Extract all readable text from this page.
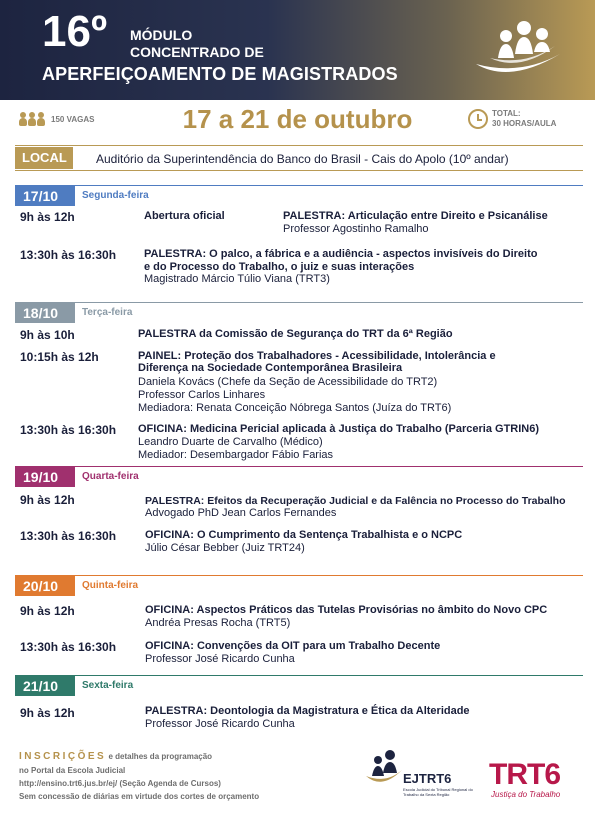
16º MÓDULO
CONCENTRADO DE
APERFEIÇOAMENTO DE MAGISTRADOS
150 VAGAS	17 a 21 de outubro	TOTAL:
30 HORAS/AULA
LOCAL	Auditório da Superintendência do Banco do Brasil - Cais do Apolo (10º andar)
17/10	Segunda-feira
9h às 12h	Abertura oficial	PALESTRA: Articulação entre Direito e Psicanálise
Professor Agostinho Ramalho
13:30h às 16:30h	PALESTRA: O palco, a fábrica e a audiência - aspectos invisíveis do Direito
e do Processo do Trabalho, o juiz e suas interações
Magistrado Márcio Túlio Viana (TRT3)
18/10	Terça-feira
9h às 10h	PALESTRA da Comissão de Segurança do TRT da 6ª Região
10:15h às 12h	PAINEL: Proteção dos Trabalhadores - Acessibilidade, Intolerância e
Diferença na Sociedade Contemporânea Brasileira
Daniela Kovács (Chefe da Seção de Acessibilidade do TRT2)
Professor Carlos Linhares
Mediadora: Renata Conceição Nóbrega Santos (Juíza do TRT6)
13:30h às 16:30h OFICINA: Medicina Pericial aplicada à Justiça do Trabalho (Parceria GTRIN6)
Leandro Duarte de Carvalho (Médico)
Mediador: Desembargador Fábio Farias
19/10	Quarta-feira
9h às 12h	PALESTRA: Efeitos da Recuperação Judicial e da Falência no Processo do Trabalho
Advogado PhD Jean Carlos Fernandes
13:30h às 16:30h	OFICINA: O Cumprimento da Sentença Trabalhista e o NCPC
Júlio César Bebber (Juiz TRT24)
20/10	Quinta-feira
9h às 12h	OFICINA: Aspectos Práticos das Tutelas Provisórias no âmbito do Novo CPC
Andréa Presas Rocha (TRT5)
13:30h às 16:30h	OFICINA: Convenções da OIT para um Trabalho Decente
Professor José Ricardo Cunha
21/10	Sexta-feira
9h às 12h	PALESTRA: Deontologia da Magistratura e Ética da Alteridade
Professor José Ricardo Cunha
INSCRIÇÕES e detalhes da programação
no Portal da Escola Judicial
http://ensino.trt6.jus.br/ej/ (Seção Agenda de Cursos)
Sem concessão de diárias em virtude dos cortes de orçamento
EJTRT6
Escola Judicial do Tribunal Regional do Trabalho da Sexta Região
TRT6
Justiça do Trabalho
